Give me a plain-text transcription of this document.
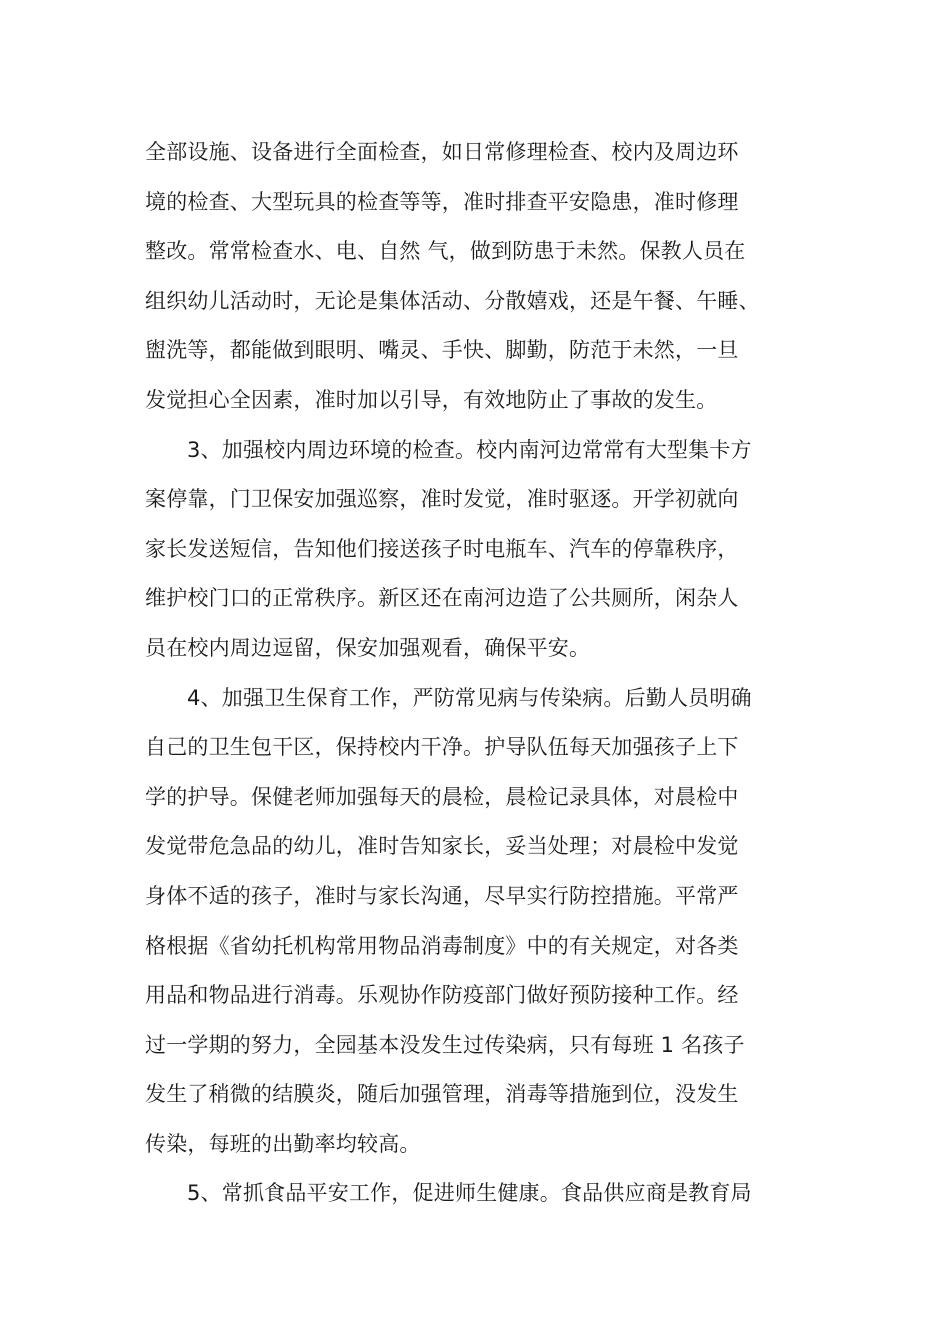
全部设施、设备进行全面检查，如日常修理检查、校内及周边环
境的检查、大型玩具的检查等等，准时排查平安隐患，准时修理
整改。常常检查水、电、自然 气，做到防患于未然。保教人员在
组织幼儿活动时，无论是集体活动、分散嬉戏，还是午餐、午睡、
盥洗等，都能做到眼明、嘴灵、手快、脚勤，防范于未然，一旦
发觉担心全因素，准时加以引导，有效地防止了事故的发生。
3、加强校内周边环境的检查。校内南河边常常有大型集卡方
案停靠，门卫保安加强巡察，准时发觉，准时驱逐。开学初就向
家长发送短信，告知他们接送孩子时电瓶车、汽车的停靠秩序，
维护校门口的正常秩序。新区还在南河边造了公共厕所，闲杂人
员在校内周边逗留，保安加强观看，确保平安。
4、加强卫生保育工作，严防常见病与传染病。后勤人员明确
自己的卫生包干区，保持校内干净。护导队伍每天加强孩子上下
学的护导。保健老师加强每天的晨检，晨检记录具体，对晨检中
发觉带危急品的幼儿，准时告知家长，妥当处理；对晨检中发觉
身体不适的孩子，准时与家长沟通，尽早实行防控措施。平常严
格根据《省幼托机构常用物品消毒制度》中的有关规定，对各类
用品和物品进行消毒。乐观协作防疫部门做好预防接种工作。经
过一学期的努力，全园基本没发生过传染病，只有每班 1 名孩子
发生了稍微的结膜炎，随后加强管理，消毒等措施到位，没发生
传染，每班的出勤率均较高。
5、常抓食品平安工作，促进师生健康。食品供应商是教育局
